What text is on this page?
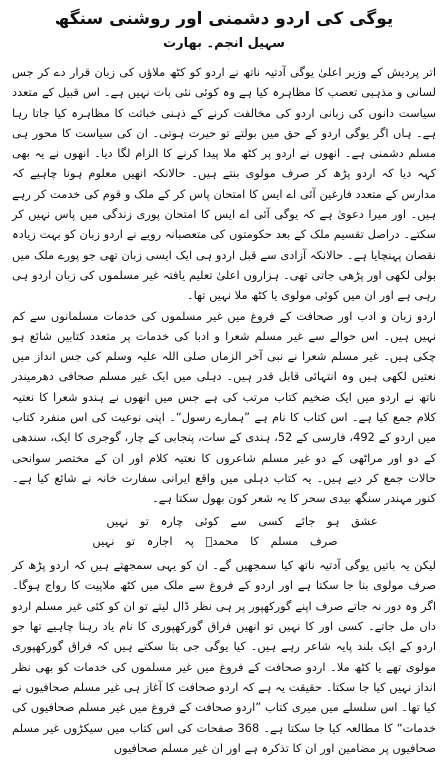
یوگی کی اردو دشمنی اور روشنی سنگھ
سہیل انجم۔ بھارت

اتر پردیش کے وزیر اعلیٰ یوگی آدتیہ ناتھ نے اردو کو کٹھ ملاؤں کی زبان قرار دے کر جس لسانی و مذہبی تعصب کا مظاہرہ کیا ہے وہ کوئی نئی بات نہیں ہے۔ اس قبیل کے متعدد سیاست دانوں کی زبانی اردو کی مخالفت کرنے کے ذہنی خباثت کا مظاہرہ کیا جاتا رہا ہے۔ ہاں اگر یوگی اردو کے حق میں بولتے تو حیرت ہوتی۔ ان کی سیاست کا محور ہی مسلم دشمنی ہے۔ انھوں نے اردو پر کٹھ ملا پیدا کرنے کا الزام لگا دیا۔ انھوں نے یہ بھی کہہ دیا کہ اردو پڑھ کر صرف مولوی بنتے ہیں۔ حالانکہ انھیں معلوم ہونا چاہیے کہ مدارس کے متعدد فارغین آئی اے ایس کا امتحان پاس کر کے ملک و قوم کی خدمت کر رہے ہیں۔ اور میرا دعویٰ ہے کہ یوگی آئی اے ایس کا امتحان پوری زندگی میں پاس نہیں کر سکتے۔ دراصل تقسیم ملک کے بعد حکومتوں کی متعصبانہ رویے نے اردو زبان کو بہت زیادہ نقصان پہنچایا ہے۔ حالانکہ آزادی سے قبل اردو ہی ایک ایسی زبان تھی جو پورے ملک میں بولی لکھی اور پڑھی جاتی تھی۔ ہزاروں اعلیٰ تعلیم یافتہ غیر مسلموں کی زبان اردو ہی رہی ہے اور ان میں کوئی مولوی یا کٹھ ملا نہیں تھا۔

اردو زبان و ادب اور صحافت کے فروغ میں غیر مسلموں کی خدمات مسلمانوں سے کم نہیں ہیں۔ اس حوالے سے غیر مسلم شعرا و ادبا کی خدمات پر متعدد کتابیں شائع ہو چکی ہیں۔ غیر مسلم شعرا نے نبی آخر الزماں صلی اللہ علیہ وسلم کی جس انداز میں نعتیں لکھی ہیں وہ انتہائی قابل قدر ہیں۔ دہلی میں ایک غیر مسلم صحافی دھرمیندر ناتھ نے اردو میں ایک ضخیم کتاب مرتب کی ہے جس میں انھوں نے ہندو شعرا کا نعتیہ کلام جمع کیا ہے۔ اس کتاب کا نام ہے ”ہمارے رسول“۔ اپنی نوعیت کی اس منفرد کتاب میں اردو کے 492، فارسی کے 52، ہندی کے سات، پنجابی کے چار، گوجری کا ایک، سندھی کے دو اور مراٹھی کے دو غیر مسلم شاعروں کا نعتیہ کلام اور ان کے مختصر سوانحی حالات جمع کر دیے ہیں۔ یہ کتاب دہلی میں واقع ایرانی سفارت خانہ نے شائع کیا ہے۔ کنور مہندر سنگھ بیدی سحر کا یہ شعر کون بھول سکتا ہے۔

عشق ہو جائے کسی سے کوئی چارہ تو نہیں
صرف مسلم کا محمدؐ پہ اجارہ تو نہیں

لیکن یہ باتیں یوگی آدتیہ ناتھ کیا سمجھیں گے۔ ان کو یہی سمجھتے ہیں کہ اردو پڑھ کر صرف مولوی بنا جا سکتا ہے اور اردو کے فروغ سے ملک میں کٹھ ملاپیت کا رواج ہوگا۔ اگر وہ دور نہ جاتے صرف اپنے گورکھپور پر ہی نظر ڈال لیتے تو ان کو کئی غیر مسلم اردو داں مل جاتے۔ کسی اور کا نہیں تو انھیں فراق گورکھپوری کا نام یاد رہنا چاہیے تھا جو اردو کے ایک بلند پایہ شاعر رہے ہیں۔ کیا یوگی جی بتا سکتے ہیں کہ فراق گورکھپوری مولوی تھے یا کٹھ ملا۔ اردو صحافت کے فروغ میں غیر مسلموں کی خدمات کو بھی نظر انداز نہیں کیا جا سکتا۔ حقیقت یہ ہے کہ اردو صحافت کا آغاز ہی غیر مسلم صحافیوں نے کیا تھا۔ اس سلسلے میں میری کتاب ”اردو صحافت کے فروغ میں غیر مسلم صحافیوں کی خدمات“ کا مطالعہ کیا جا سکتا ہے۔ 368 صفحات کی اس کتاب میں سیکڑوں غیر مسلم صحافیوں پر مضامین اور ان کا تذکرہ ہے اور ان غیر مسلم صحافیوں
